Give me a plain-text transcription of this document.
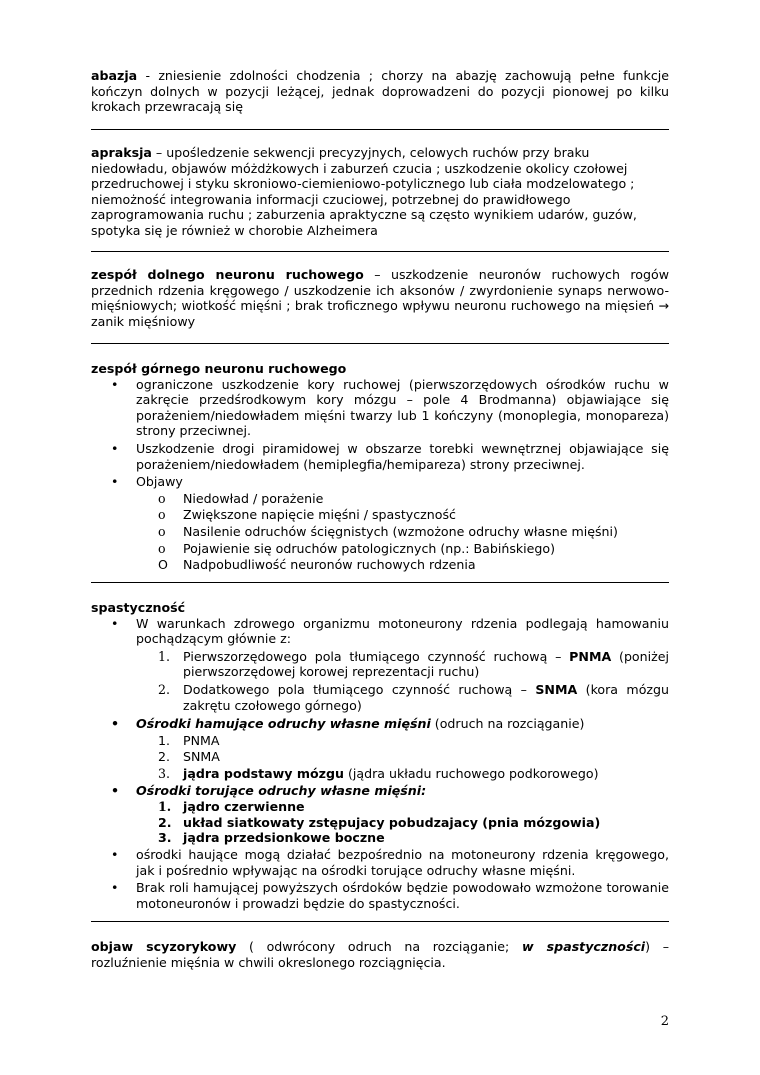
abazja - zniesienie zdolności chodzenia ; chorzy na abazję zachowują pełne funkcje kończyn dolnych w pozycji leżącej, jednak doprowadzeni do pozycji pionowej po kilku krokach przewracają się
apraksja – upośledzenie sekwencji precyzyjnych, celowych ruchów przy braku niedowładu, objawów móżdżkowych i zaburzeń czucia ; uszkodzenie okolicy czołowej przedruchowej i styku skroniowo-ciemieniowo-potylicznego lub ciała modzelowatego ; niemożność integrowania informacji czuciowej, potrzebnej do prawidłowego zaprogramowania ruchu ; zaburzenia apraktyczne są często wynikiem udarów, guzów, spotyka się je również w chorobie Alzheimera
zespół dolnego neuronu ruchowego – uszkodzenie neuronów ruchowych rogów przednich rdzenia kręgowego / uszkodzenie ich aksonów / zwyrdonienie synaps nerwowo-mięśniowych; wiotkość mięśni ; brak troficznego wpływu neuronu ruchowego na mięsień → zanik mięśniowy
zespół górnego neuronu ruchowego
• ograniczone uszkodzenie kory ruchowej (pierwszorzędowych ośrodków ruchu w zakręcie przedśrodkowym kory mózgu – pole 4 Brodmanna) objawiające się porażeniem/niedowładem mięśni twarzy lub 1 kończyny (monoplegia, monopareza) strony przeciwnej.
• Uszkodzenie drogi piramidowej w obszarze torebki wewnętrznej objawiające się porażeniem/niedowładem (hemiplegfia/hemipareza) strony przeciwnej.
• Objawy
o Niedowład / porażenie
o Zwiększone napięcie mięśni / spastyczność
o Nasilenie odruchów ścięgnistych (wzmożone odruchy własne mięśni)
o Pojawienie się odruchów patologicznych (np.: Babińskiego)
O Nadpobudliwość neuronów ruchowych rdzenia
spastyczność
• W warunkach zdrowego organizmu motoneurony rdzenia podlegają hamowaniu pochądzącym głównie z:
1. Pierwszorzędowego pola tłumiącego czynność ruchową – PNMA (poniżej pierwszorzędowej korowej reprezentacji ruchu)
2. Dodatkowego pola tłumiącego czynność ruchową – SNMA (kora mózgu zakrętu czołowego górnego)
• Ośrodki hamujące odruchy własne mięśni (odruch na rozciąganie)
1. PNMA
2. SNMA
3. jądra podstawy mózgu (jądra układu ruchowego podkorowego)
• Ośrodki torujące odruchy własne mięśni:
1. jądro czerwienne
2. układ siatkowaty zstępujacy pobudzajacy (pnia mózgowia)
3. jądra przedsionkowe boczne
• ośrodki haujące mogą działać bezpośrednio na motoneurony rdzenia kręgowego, jak i pośrednio wpływając na ośrodki torujące odruchy własne mięśni.
• Brak roli hamującej powyższych ośrdoków będzie powodowało wzmożone torowanie motoneuronów i prowadzi będzie do spastyczności.
objaw scyzorykowy ( odwrócony odruch na rozciąganie; w spastyczności) – rozluźnienie mięśnia w chwili okreslonego rozciągnięcia.
2
